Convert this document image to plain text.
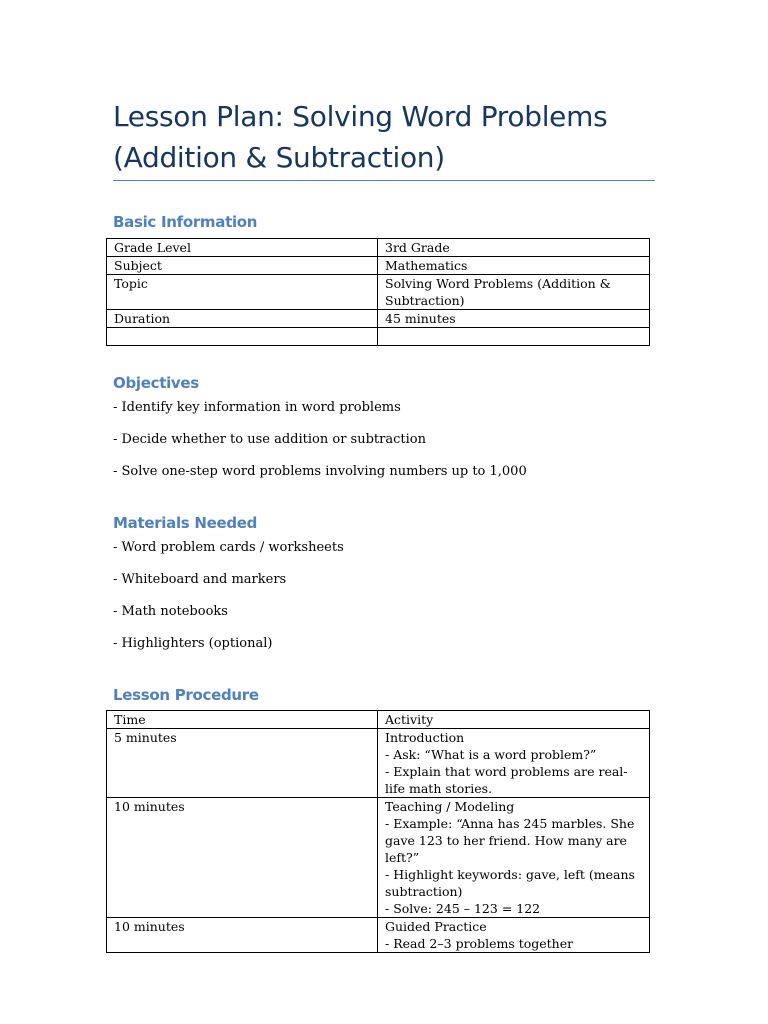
Lesson Plan: Solving Word Problems (Addition & Subtraction)
Basic Information
Grade Level	3rd Grade
Subject	Mathematics
Topic	Solving Word Problems (Addition & Subtraction)
Duration	45 minutes

Objectives
- Identify key information in word problems
- Decide whether to use addition or subtraction
- Solve one-step word problems involving numbers up to 1,000
Materials Needed
- Word problem cards / worksheets
- Whiteboard and markers
- Math notebooks
- Highlighters (optional)
Lesson Procedure
Time	Activity
5 minutes	Introduction
- Ask: “What is a word problem?”
- Explain that word problems are real-life math stories.

10 minutes	Teaching / Modeling
- Example: “Anna has 245 marbles. She gave 123 to her friend. How many are left?”
- Highlight keywords: gave, left (means subtraction)
- Solve: 245 – 123 = 122

10 minutes	Guided Practice
- Read 2–3 problems together
